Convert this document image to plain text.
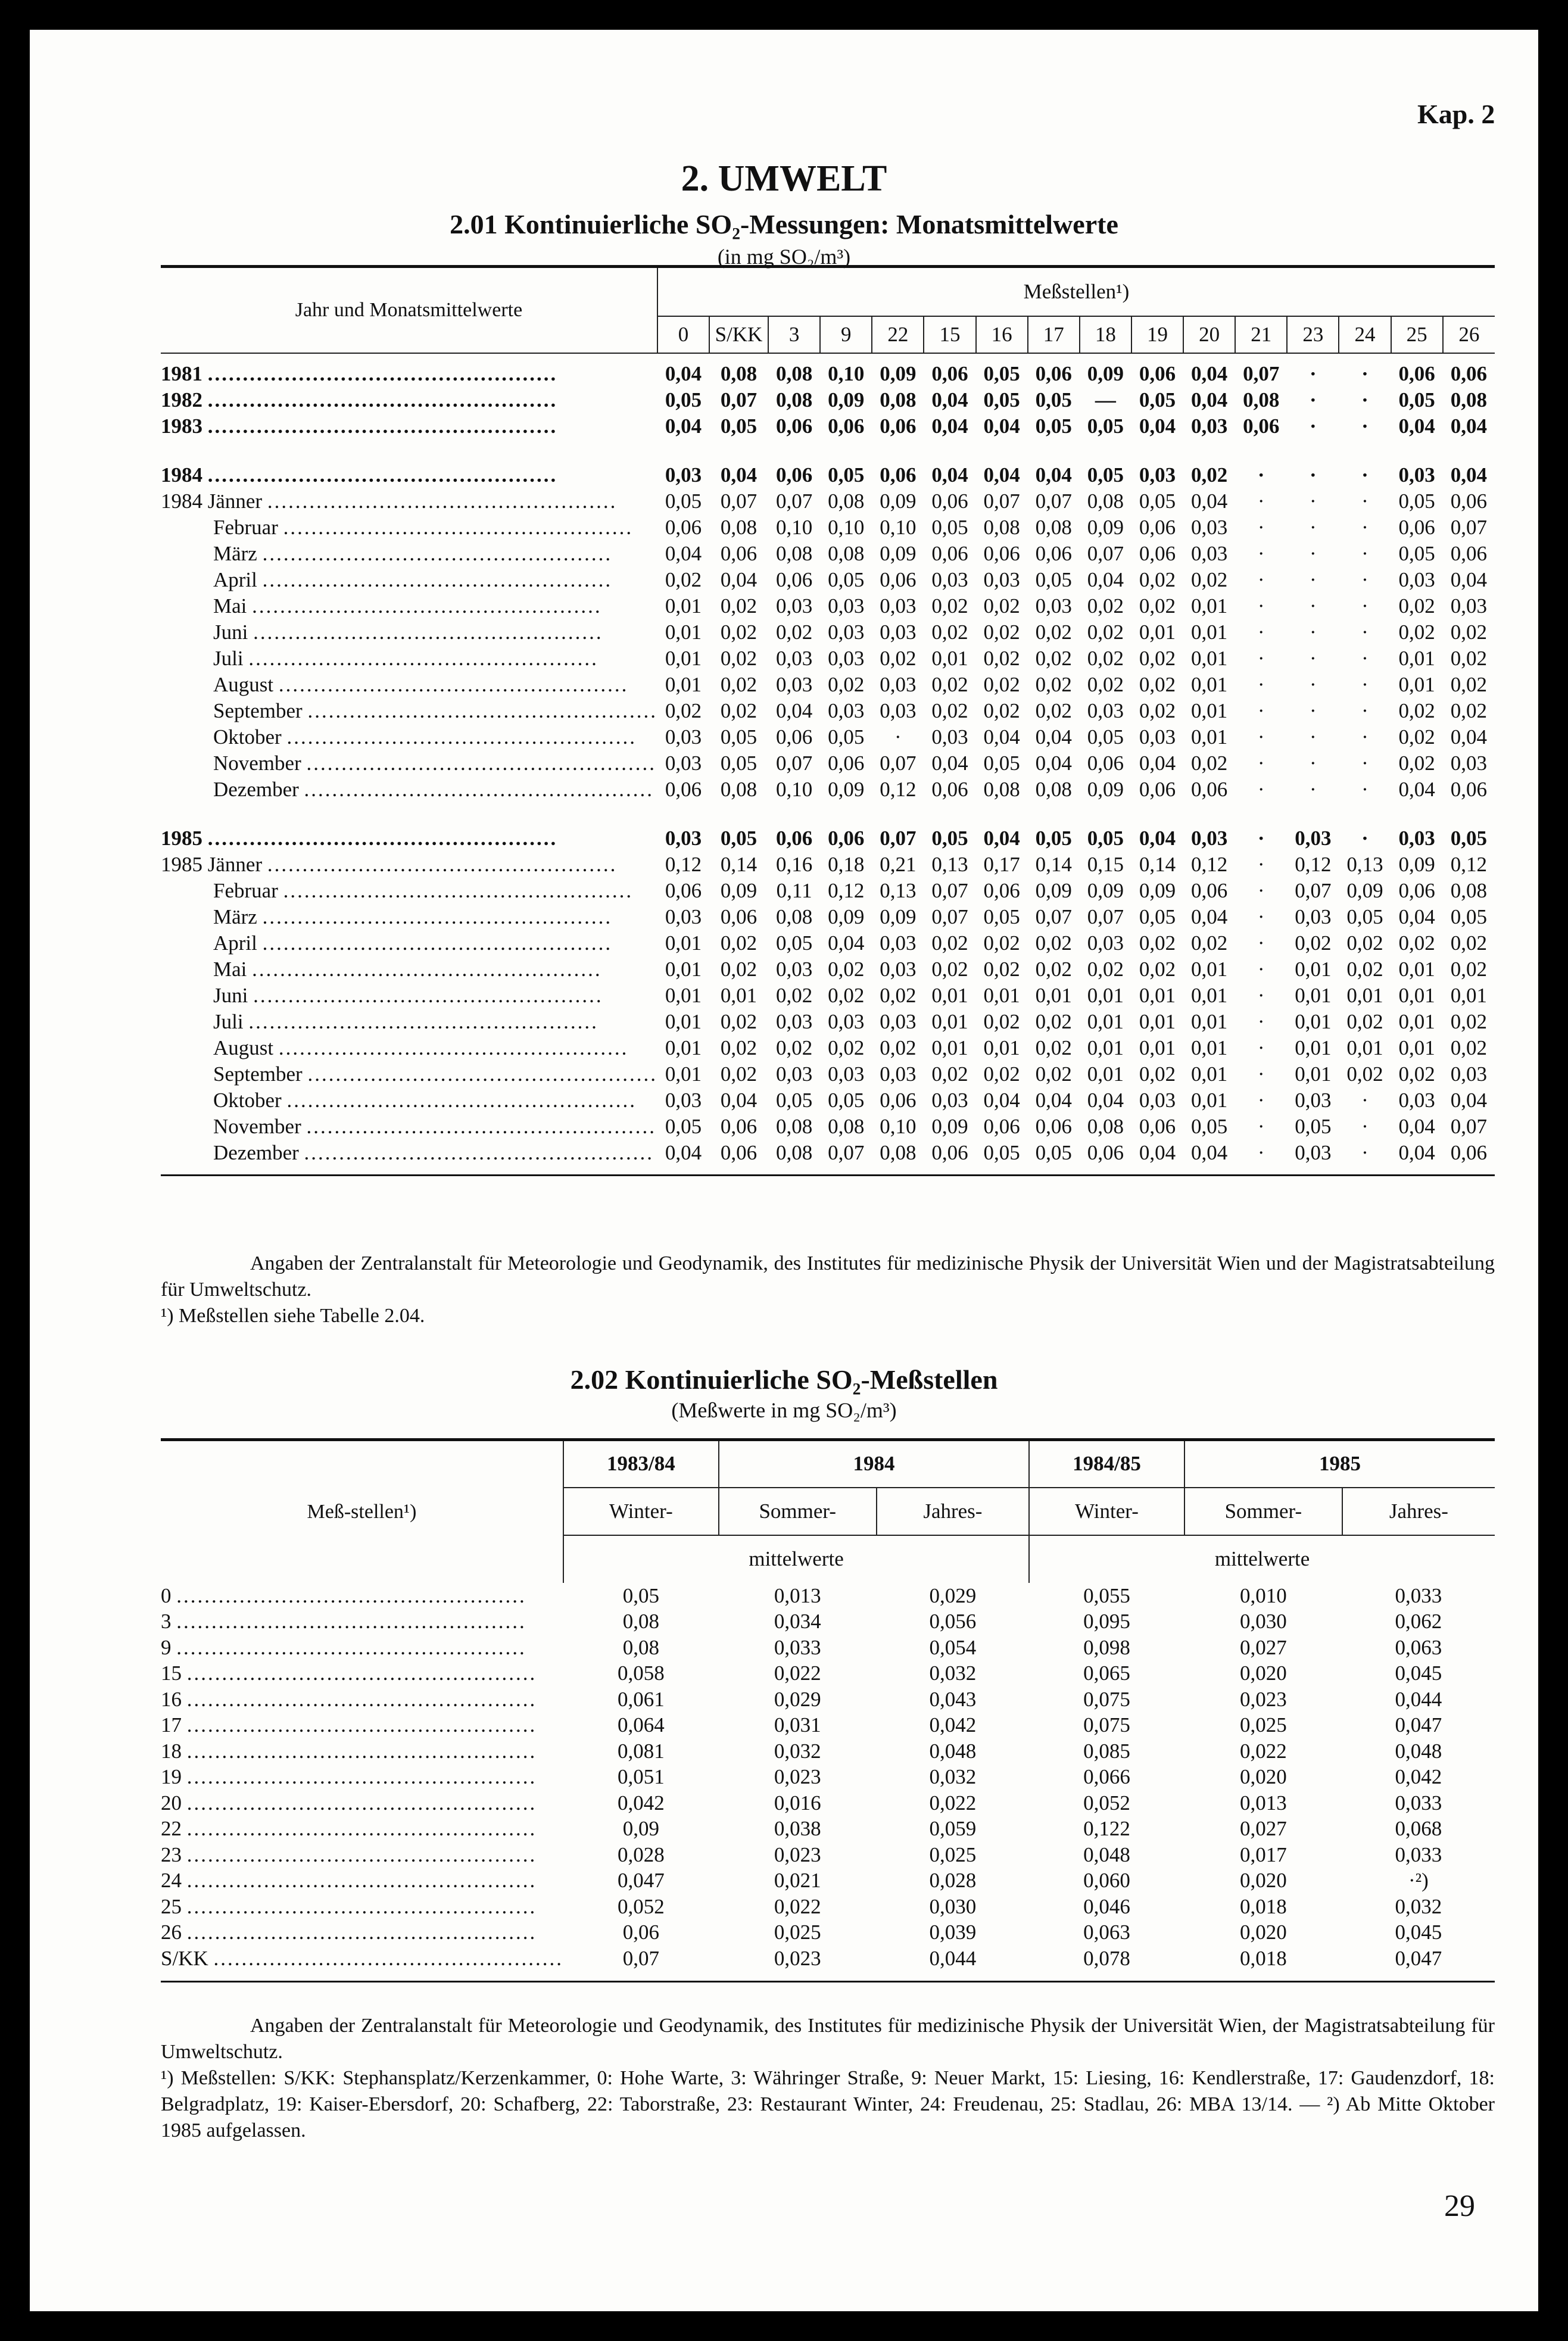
Kap. 2
2. UMWELT
2.01 Kontinuierliche SO₂-Messungen: Monatsmittelwerte
(in mg SO₂/m³)
Jahr und Monatsmittelwerte	Meßstellen¹)															
	0	S/KK	3	9	22	15	16	17	18	19	20	21	23	24	25	26

1981 ..................................................	0,04	0,08	0,08	0,10	0,09	0,06	0,05	0,06	0,09	0,06	0,04	0,07	·	·	0,06	0,06
1982 ..................................................	0,05	0,07	0,08	0,09	0,08	0,04	0,05	0,05	—	0,05	0,04	0,08	·	·	0,05	0,08
1983 ..................................................	0,04	0,05	0,06	0,06	0,06	0,04	0,04	0,05	0,05	0,04	0,03	0,06	·	·	0,04	0,04

1984 ..................................................	0,03	0,04	0,06	0,05	0,06	0,04	0,04	0,04	0,05	0,03	0,02	·	·	·	0,03	0,04
1984 Jänner ..................................................	0,05	0,07	0,07	0,08	0,09	0,06	0,07	0,07	0,08	0,05	0,04	·	·	·	0,05	0,06
Februar ..................................................	0,06	0,08	0,10	0,10	0,10	0,05	0,08	0,08	0,09	0,06	0,03	·	·	·	0,06	0,07
März ..................................................	0,04	0,06	0,08	0,08	0,09	0,06	0,06	0,06	0,07	0,06	0,03	·	·	·	0,05	0,06
April ..................................................	0,02	0,04	0,06	0,05	0,06	0,03	0,03	0,05	0,04	0,02	0,02	·	·	·	0,03	0,04
Mai ..................................................	0,01	0,02	0,03	0,03	0,03	0,02	0,02	0,03	0,02	0,02	0,01	·	·	·	0,02	0,03
Juni ..................................................	0,01	0,02	0,02	0,03	0,03	0,02	0,02	0,02	0,02	0,01	0,01	·	·	·	0,02	0,02
Juli ..................................................	0,01	0,02	0,03	0,03	0,02	0,01	0,02	0,02	0,02	0,02	0,01	·	·	·	0,01	0,02
August ..................................................	0,01	0,02	0,03	0,02	0,03	0,02	0,02	0,02	0,02	0,02	0,01	·	·	·	0,01	0,02
September ..................................................	0,02	0,02	0,04	0,03	0,03	0,02	0,02	0,02	0,03	0,02	0,01	·	·	·	0,02	0,02
Oktober ..................................................	0,03	0,05	0,06	0,05	·	0,03	0,04	0,04	0,05	0,03	0,01	·	·	·	0,02	0,04
November ..................................................	0,03	0,05	0,07	0,06	0,07	0,04	0,05	0,04	0,06	0,04	0,02	·	·	·	0,02	0,03
Dezember ..................................................	0,06	0,08	0,10	0,09	0,12	0,06	0,08	0,08	0,09	0,06	0,06	·	·	·	0,04	0,06

1985 ..................................................	0,03	0,05	0,06	0,06	0,07	0,05	0,04	0,05	0,05	0,04	0,03	·	0,03	·	0,03	0,05
1985 Jänner ..................................................	0,12	0,14	0,16	0,18	0,21	0,13	0,17	0,14	0,15	0,14	0,12	·	0,12	0,13	0,09	0,12
Februar ..................................................	0,06	0,09	0,11	0,12	0,13	0,07	0,06	0,09	0,09	0,09	0,06	·	0,07	0,09	0,06	0,08
März ..................................................	0,03	0,06	0,08	0,09	0,09	0,07	0,05	0,07	0,07	0,05	0,04	·	0,03	0,05	0,04	0,05
April ..................................................	0,01	0,02	0,05	0,04	0,03	0,02	0,02	0,02	0,03	0,02	0,02	·	0,02	0,02	0,02	0,02
Mai ..................................................	0,01	0,02	0,03	0,02	0,03	0,02	0,02	0,02	0,02	0,02	0,01	·	0,01	0,02	0,01	0,02
Juni ..................................................	0,01	0,01	0,02	0,02	0,02	0,01	0,01	0,01	0,01	0,01	0,01	·	0,01	0,01	0,01	0,01
Juli ..................................................	0,01	0,02	0,03	0,03	0,03	0,01	0,02	0,02	0,01	0,01	0,01	·	0,01	0,02	0,01	0,02
August ..................................................	0,01	0,02	0,02	0,02	0,02	0,01	0,01	0,02	0,01	0,01	0,01	·	0,01	0,01	0,01	0,02
September ..................................................	0,01	0,02	0,03	0,03	0,03	0,02	0,02	0,02	0,01	0,02	0,01	·	0,01	0,02	0,02	0,03
Oktober ..................................................	0,03	0,04	0,05	0,05	0,06	0,03	0,04	0,04	0,04	0,03	0,01	·	0,03	·	0,03	0,04
November ..................................................	0,05	0,06	0,08	0,08	0,10	0,09	0,06	0,06	0,08	0,06	0,05	·	0,05	·	0,04	0,07
Dezember ..................................................	0,04	0,06	0,08	0,07	0,08	0,06	0,05	0,05	0,06	0,04	0,04	·	0,03	·	0,04	0,06

Angaben der Zentralanstalt für Meteorologie und Geodynamik, des Institutes für medizinische Physik der Universität Wien und der Magistratsabteilung für Umweltschutz.

¹) Meßstellen siehe Tabelle 2.04.

2.02 Kontinuierliche SO₂-Meßstellen
(Meßwerte in mg SO₂/m³)
Meß-stellen¹)	1983/84	1984		1984/85	1985	
	Winter-	Sommer-	Jahres-	Winter-	Sommer-	Jahres-
	mittelwerte			mittelwerte		
0 ..................................................	0,05	0,013	0,029	0,055	0,010	0,033
3 ..................................................	0,08	0,034	0,056	0,095	0,030	0,062
9 ..................................................	0,08	0,033	0,054	0,098	0,027	0,063
15 ..................................................	0,058	0,022	0,032	0,065	0,020	0,045
16 ..................................................	0,061	0,029	0,043	0,075	0,023	0,044
17 ..................................................	0,064	0,031	0,042	0,075	0,025	0,047
18 ..................................................	0,081	0,032	0,048	0,085	0,022	0,048
19 ..................................................	0,051	0,023	0,032	0,066	0,020	0,042
20 ..................................................	0,042	0,016	0,022	0,052	0,013	0,033
22 ..................................................	0,09	0,038	0,059	0,122	0,027	0,068
23 ..................................................	0,028	0,023	0,025	0,048	0,017	0,033
24 ..................................................	0,047	0,021	0,028	0,060	0,020	·²)
25 ..................................................	0,052	0,022	0,030	0,046	0,018	0,032
26 ..................................................	0,06	0,025	0,039	0,063	0,020	0,045
S/KK ..................................................	0,07	0,023	0,044	0,078	0,018	0,047

Angaben der Zentralanstalt für Meteorologie und Geodynamik, des Institutes für medizinische Physik der Universität Wien, der Magistratsabteilung für Umweltschutz.

¹) Meßstellen: S/KK: Stephansplatz/Kerzenkammer, 0: Hohe Warte, 3: Währinger Straße, 9: Neuer Markt, 15: Liesing, 16: Kendlerstraße, 17: Gaudenzdorf, 18: Belgradplatz, 19: Kaiser-Ebersdorf, 20: Schafberg, 22: Taborstraße, 23: Restaurant Winter, 24: Freudenau, 25: Stadlau, 26: MBA 13/14. — ²) Ab Mitte Oktober 1985 aufgelassen.

29
